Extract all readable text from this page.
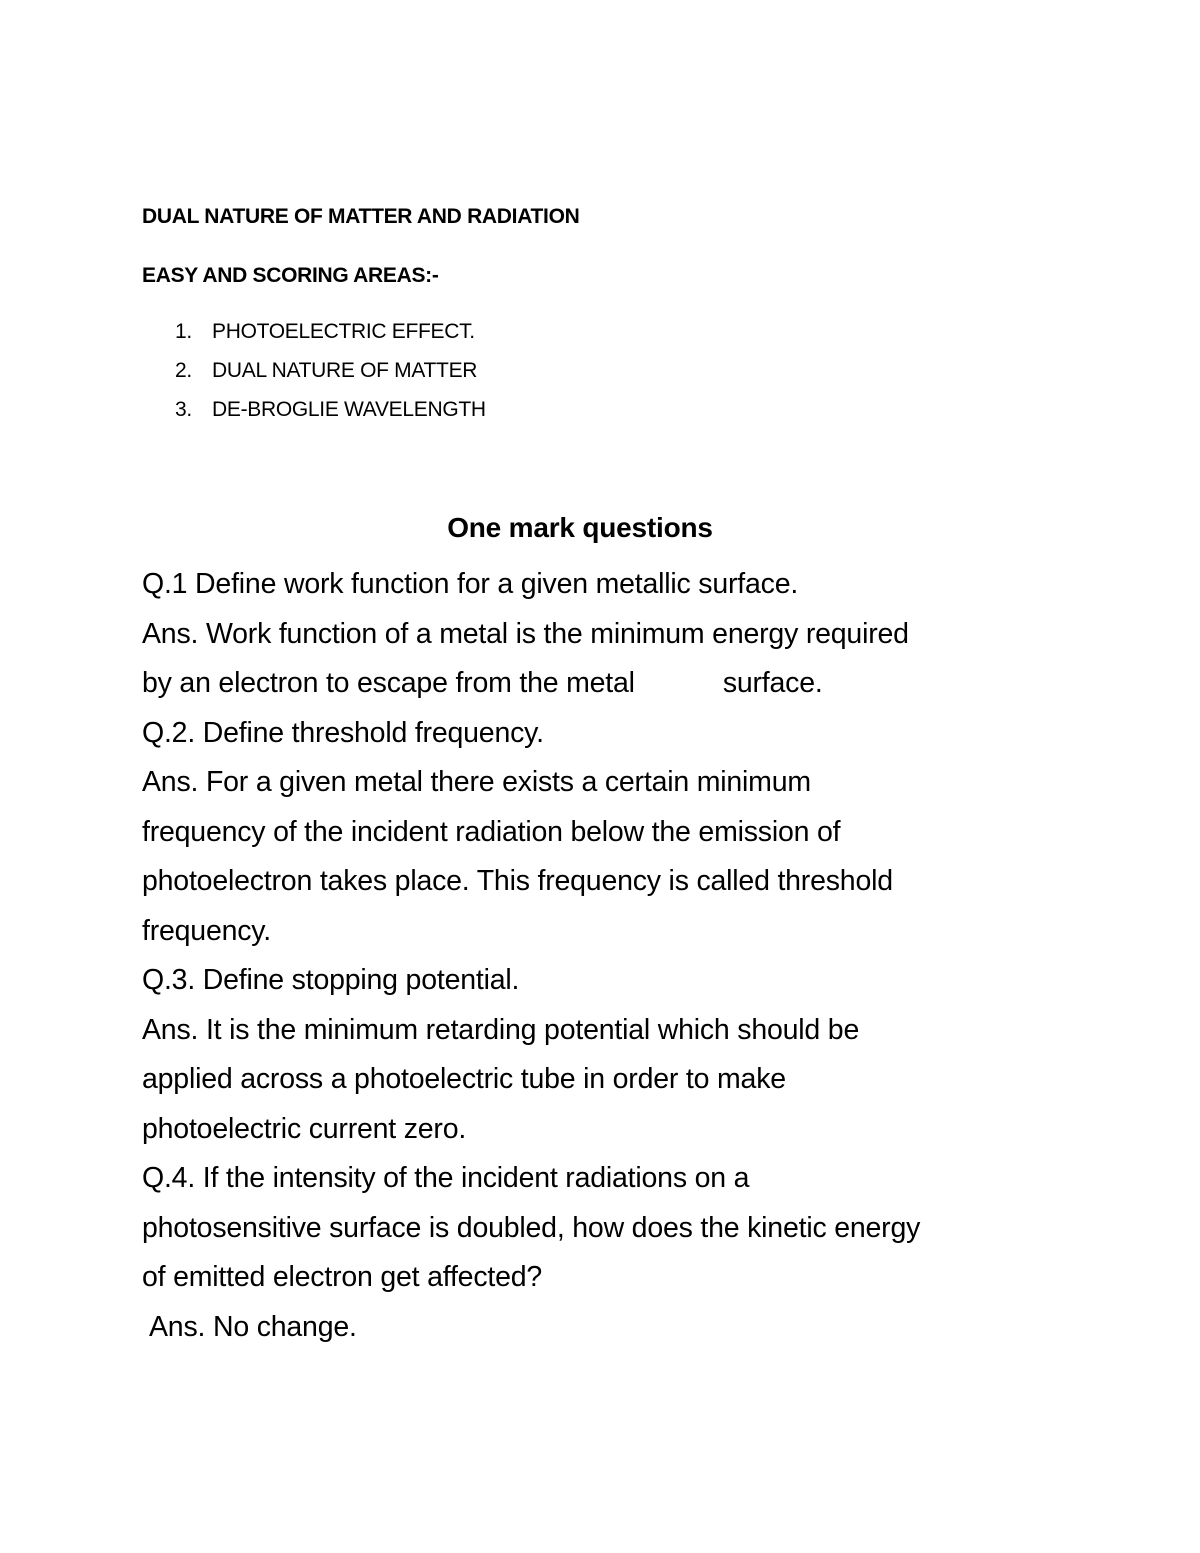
DUAL NATURE OF MATTER AND RADIATION
EASY AND SCORING AREAS:-
1. PHOTOELECTRIC EFFECT.
2. DUAL NATURE OF MATTER
3. DE-BROGLIE WAVELENGTH
One mark questions
Q.1 Define work function for a given metallic surface.
Ans. Work function of a metal is the minimum energy required
by an electron to escape from the metal	surface.
Q.2. Define threshold frequency.
Ans. For a given metal there exists a certain minimum
frequency of the incident radiation below the emission of
photoelectron takes place. This frequency is called threshold
frequency.
Q.3. Define stopping potential.
Ans. It is the minimum retarding potential which should be
applied across a photoelectric tube in order to make
photoelectric current zero.
Q.4. If the intensity of the incident radiations on a
photosensitive surface is doubled, how does the kinetic energy
of emitted electron get affected?
Ans. No change.
